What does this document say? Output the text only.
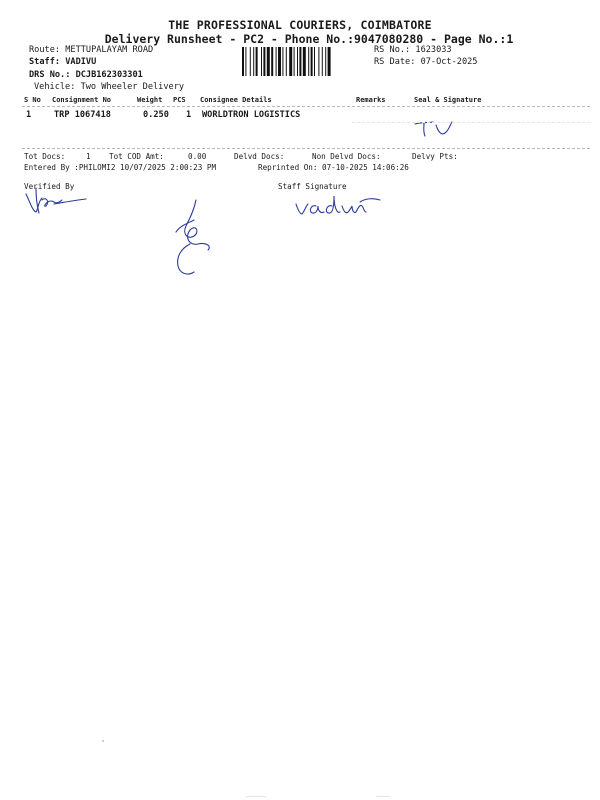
THE PROFESSIONAL COURIERS, COIMBATORE
Delivery Runsheet - PC2 - Phone No.:9047080280 - Page No.:1
Route: METTUPALAYAM ROAD
Staff: VADIVU
DRS No.: DCJB162303301
Vehicle: Two Wheeler Delivery
RS No.: 1623033
RS Date: 07-Oct-2025
S No Consignment No	Weight PCS Consignee Details	Remarks	Seal & Signature
1	TRP 1067418	0.250 1 WORLDTRON LOGISTICS
Tot Docs:	1 Tot COD Amt:	0.00	Delvd Docs:	Non Delvd Docs:	Delvy Pts:
Entered By :PHILOMI2 10/07/2025 2:00:23 PM	Reprinted On: 07-10-2025 14:06:26
Verified By	Staff Signature
